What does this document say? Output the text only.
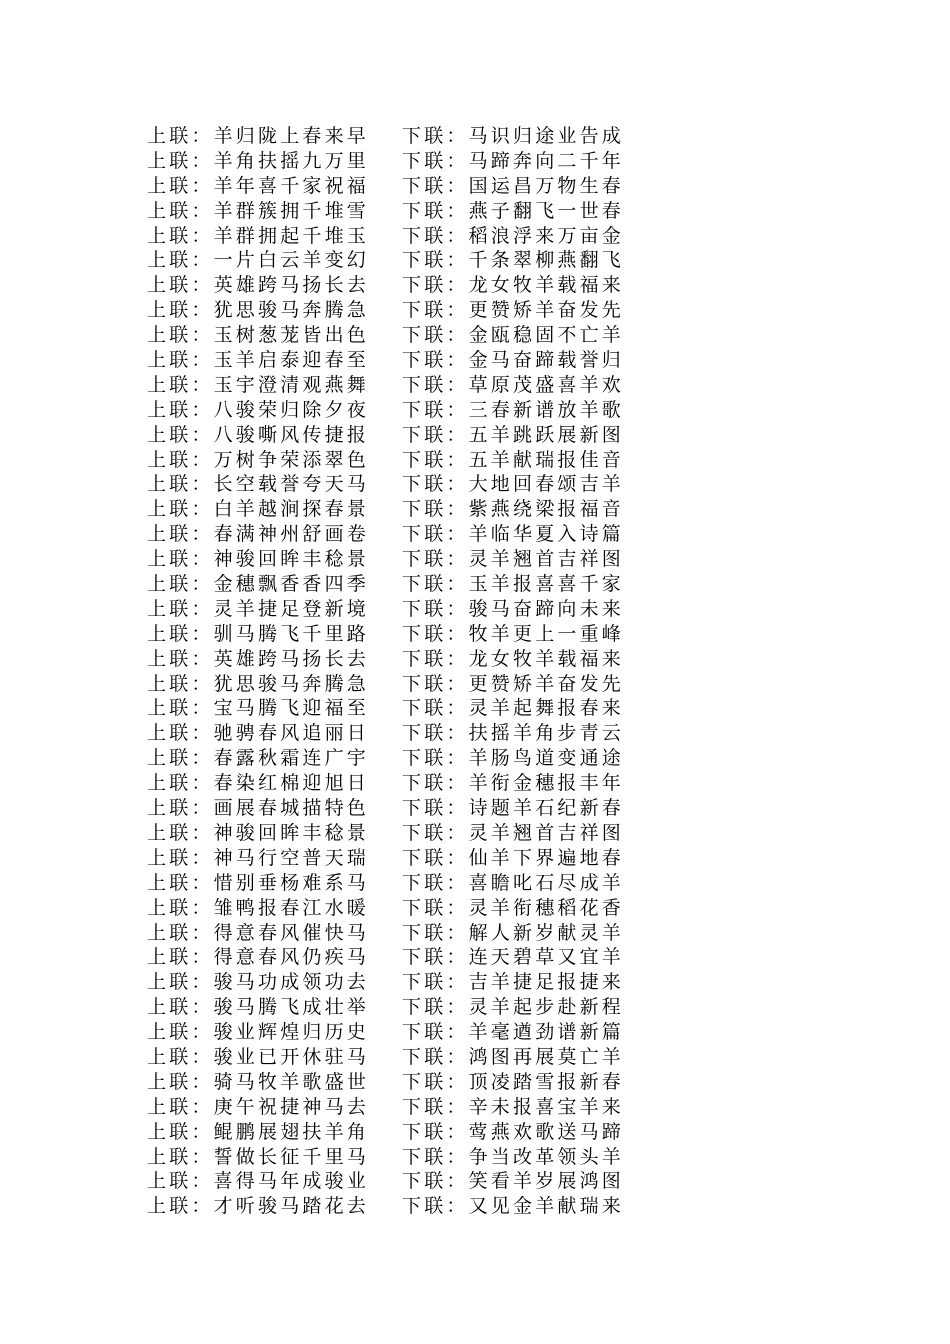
上联：羊归陇上春来早 下联：马识归途业告成
上联：羊角扶摇九万里 下联：马蹄奔向二千年
上联：羊年喜千家祝福 下联：国运昌万物生春
上联：羊群簇拥千堆雪 下联：燕子翻飞一世春
上联：羊群拥起千堆玉 下联：稻浪浮来万亩金
上联：一片白云羊变幻 下联：千条翠柳燕翻飞
上联：英雄跨马扬长去 下联：龙女牧羊载福来
上联：犹思骏马奔腾急 下联：更赞矫羊奋发先
上联：玉树葱茏皆出色 下联：金瓯稳固不亡羊
上联：玉羊启泰迎春至 下联：金马奋蹄载誉归
上联：玉宇澄清观燕舞 下联：草原茂盛喜羊欢
上联：八骏荣归除夕夜 下联：三春新谱放羊歌
上联：八骏嘶风传捷报 下联：五羊跳跃展新图
上联：万树争荣添翠色 下联：五羊献瑞报佳音
上联：长空载誉夸天马 下联：大地回春颂吉羊
上联：白羊越涧探春景 下联：紫燕绕梁报福音
上联：春满神州舒画卷 下联：羊临华夏入诗篇
上联：神骏回眸丰稔景 下联：灵羊翘首吉祥图
上联：金穗飘香香四季 下联：玉羊报喜喜千家
上联：灵羊捷足登新境 下联：骏马奋蹄向未来
上联：驯马腾飞千里路 下联：牧羊更上一重峰
上联：英雄跨马扬长去 下联：龙女牧羊载福来
上联：犹思骏马奔腾急 下联：更赞矫羊奋发先
上联：宝马腾飞迎福至 下联：灵羊起舞报春来
上联：驰骋春风追丽日 下联：扶摇羊角步青云
上联：春露秋霜连广宇 下联：羊肠鸟道变通途
上联：春染红棉迎旭日 下联：羊衔金穗报丰年
上联：画展春城描特色 下联：诗题羊石纪新春
上联：神骏回眸丰稔景 下联：灵羊翘首吉祥图
上联：神马行空普天瑞 下联：仙羊下界遍地春
上联：惜别垂杨难系马 下联：喜瞻叱石尽成羊
上联：雏鸭报春江水暖 下联：灵羊衔穗稻花香
上联：得意春风催快马 下联：解人新岁献灵羊
上联：得意春风仍疾马 下联：连天碧草又宜羊
上联：骏马功成领功去 下联：吉羊捷足报捷来
上联：骏马腾飞成壮举 下联：灵羊起步赴新程
上联：骏业辉煌归历史 下联：羊毫遒劲谱新篇
上联：骏业已开休驻马 下联：鸿图再展莫亡羊
上联：骑马牧羊歌盛世 下联：顶凌踏雪报新春
上联：庚午祝捷神马去 下联：辛未报喜宝羊来
上联：鲲鹏展翅扶羊角 下联：莺燕欢歌送马蹄
上联：誓做长征千里马 下联：争当改革领头羊
上联：喜得马年成骏业 下联：笑看羊岁展鸿图
上联：才听骏马踏花去 下联：又见金羊献瑞来
